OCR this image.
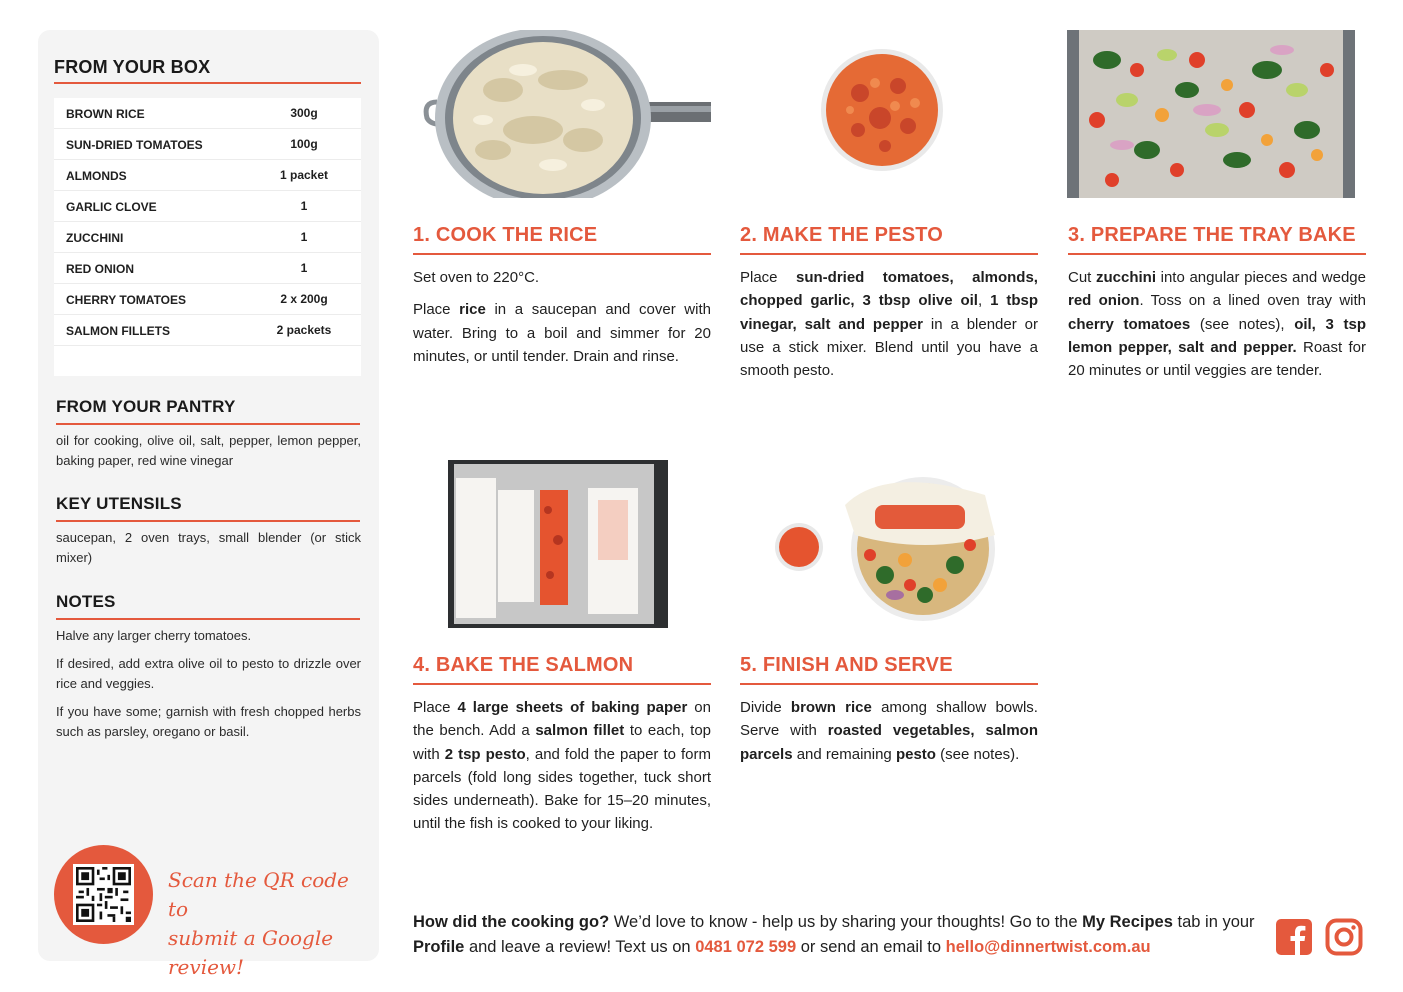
FROM YOUR BOX
BROWN RICE	300g
SUN-DRIED TOMATOES	100g
ALMONDS	1 packet
GARLIC CLOVE	1
ZUCCHINI	1
RED ONION	1
CHERRY TOMATOES	2 x 200g
SALMON FILLETS	2 packets
FROM YOUR PANTRY
oil for cooking, olive oil, salt, pepper, lemon pepper, baking paper, red wine vinegar
KEY UTENSILS
saucepan, 2 oven trays, small blender (or stick mixer)
NOTES
Halve any larger cherry tomatoes.
If desired, add extra olive oil to pesto to drizzle over rice and veggies.
If you have some; garnish with fresh chopped herbs such as parsley, oregano or basil.
Scan the QR code to
submit a Google review!
1. COOK THE RICE

Set oven to 220°C.

Place rice in a saucepan and cover with water. Bring to a boil and simmer for 20 minutes, or until tender. Drain and rinse.

2. MAKE THE PESTO

Place sun-dried tomatoes, almonds, chopped garlic, 3 tbsp olive oil, 1 tbsp vinegar, salt and pepper in a blender or use a stick mixer. Blend until you have a smooth pesto.

3. PREPARE THE TRAY BAKE

Cut zucchini into angular pieces and wedge red onion. Toss on a lined oven tray with cherry tomatoes (see notes), oil, 3 tsp lemon pepper, salt and pepper. Roast for 20 minutes or until veggies are tender.

4. BAKE THE SALMON

Place 4 large sheets of baking paper on the bench. Add a salmon fillet to each, top with 2 tsp pesto, and fold the paper to form parcels (fold long sides together, tuck short sides underneath). Bake for 15–20 minutes, until the fish is cooked to your liking.

5. FINISH AND SERVE

Divide brown rice among shallow bowls. Serve with roasted vegetables, salmon parcels and remaining pesto (see notes).

How did the cooking go? We’d love to know - help us by sharing your thoughts! Go to the My Recipes tab in your Profile and leave a review! Text us on 0481 072 599 or send an email to hello@dinnertwist.com.au
